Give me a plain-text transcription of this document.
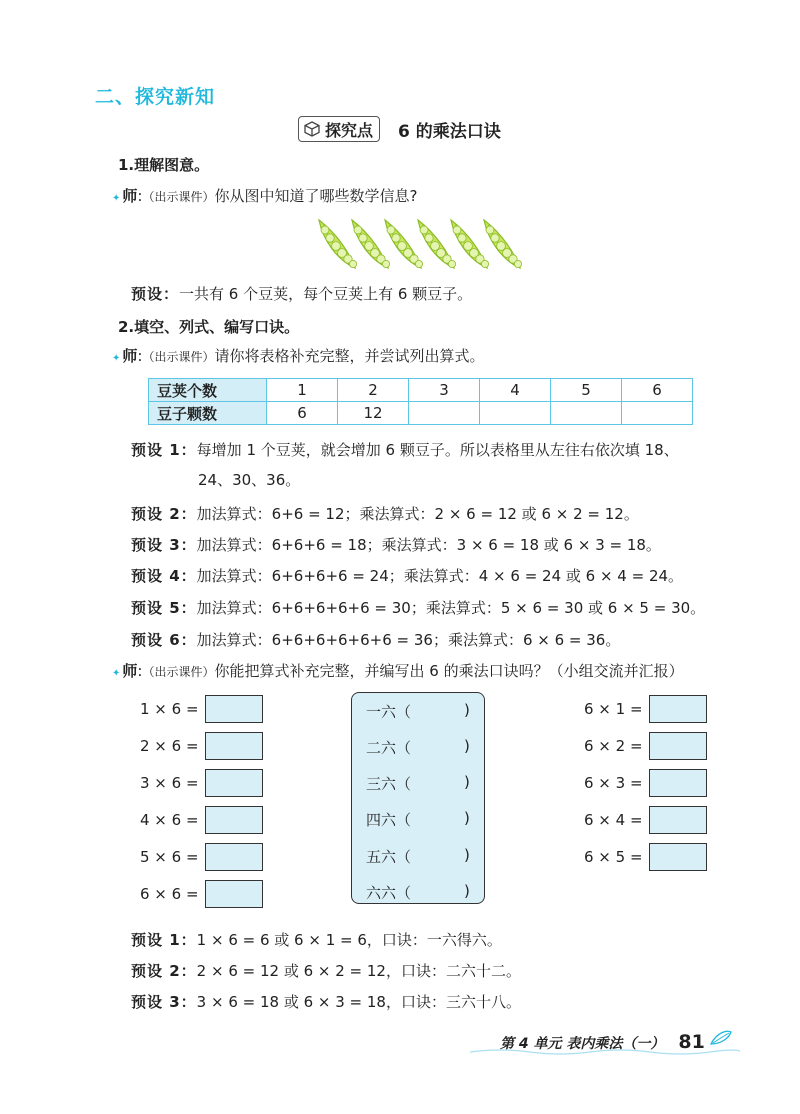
二、探究新知
探究点 6 的乘法口诀
1.理解图意。
✦ 师:（出示课件）你从图中知道了哪些数学信息?
预设：一共有 6 个豆荚，每个豆荚上有 6 颗豆子。
2.填空、列式、编写口诀。
✦ 师:（出示课件）请你将表格补充完整，并尝试列出算式。
豆荚个数	1	2	3	4	5	6
豆子颗数	6	12				
预设 1：每增加 1 个豆荚，就会增加 6 颗豆子。所以表格里从左往右依次填 18、
24、30、36。
预设 2：加法算式：6+6 = 12；乘法算式：2 × 6 = 12 或 6 × 2 = 12。
预设 3：加法算式：6+6+6 = 18；乘法算式：3 × 6 = 18 或 6 × 3 = 18。
预设 4：加法算式：6+6+6+6 = 24；乘法算式：4 × 6 = 24 或 6 × 4 = 24。
预设 5：加法算式：6+6+6+6+6 = 30；乘法算式：5 × 6 = 30 或 6 × 5 = 30。
预设 6：加法算式：6+6+6+6+6+6 = 36；乘法算式：6 × 6 = 36。
✦ 师:（出示课件）你能把算式补充完整，并编写出 6 的乘法口诀吗？（小组交流并汇报）
1 × 6 =
2 × 6 =
3 × 6 =
4 × 6 =
5 × 6 =
6 × 6 =
一六（	)
二六（	)
三六（	)
四六（	)
五六（	)
六六（	)
6 × 1 =
6 × 2 =
6 × 3 =
6 × 4 =
6 × 5 =
预设 1：1 × 6 = 6 或 6 × 1 = 6，口诀：一六得六。
预设 2：2 × 6 = 12 或 6 × 2 = 12，口诀：二六十二。
预设 3：3 × 6 = 18 或 6 × 3 = 18，口诀：三六十八。
第 4 单元 表内乘法（一） 81
